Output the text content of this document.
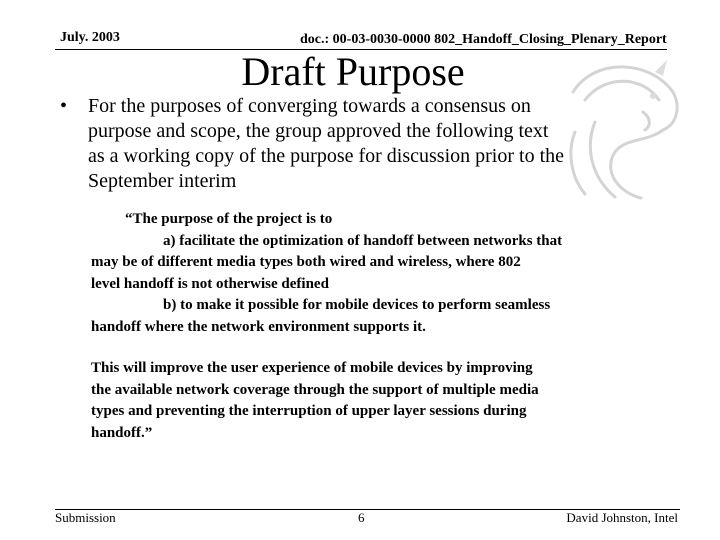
July. 2003	doc.: 00-03-0030-0000 802_Handoff_Closing_Plenary_Report
Draft Purpose
• For the purposes of converging towards a consensus on
purpose and scope, the group approved the following text
as a working copy of the purpose for discussion prior to the
September interim
“The purpose of the project is to
a) facilitate the optimization of handoff between networks that
may be of different media types both wired and wireless, where 802
level handoff is not otherwise defined
b) to make it possible for mobile devices to perform seamless
handoff where the network environment supports it.
This will improve the user experience of mobile devices by improving
the available network coverage through the support of multiple media
types and preventing the interruption of upper layer sessions during
handoff.”
Submission	6	David Johnston, Intel
